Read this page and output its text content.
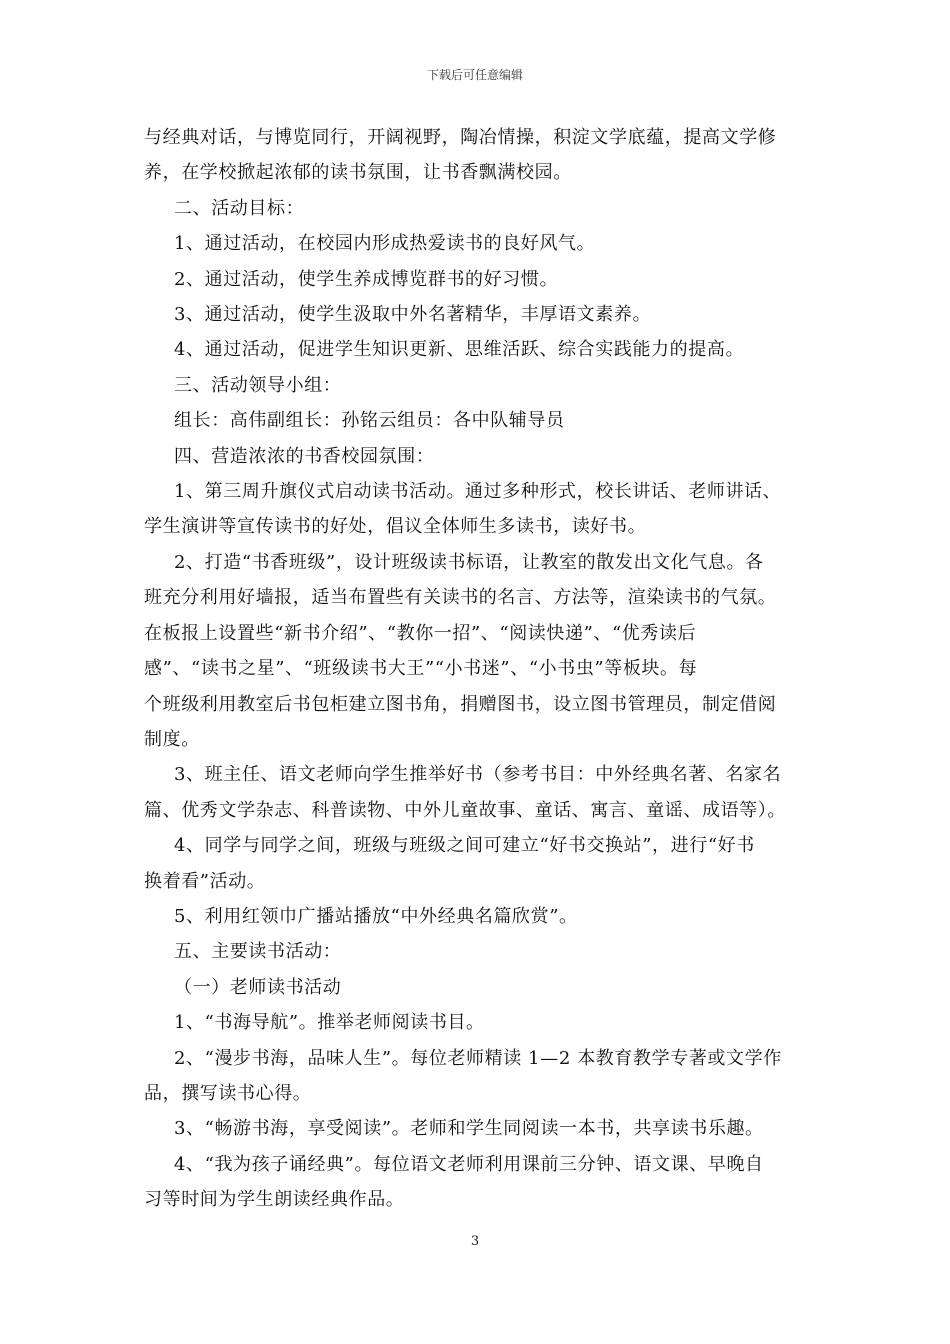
下载后可任意编辑

与经典对话，与博览同行，开阔视野，陶冶情操，积淀文学底蕴，提高文学修

养，在学校掀起浓郁的读书氛围，让书香飘满校园。

二、活动目标：

1、通过活动，在校园内形成热爱读书的良好风气。

2、通过活动，使学生养成博览群书的好习惯。

3、通过活动，使学生汲取中外名著精华，丰厚语文素养。

4、通过活动，促进学生知识更新、思维活跃、综合实践能力的提高。

三、活动领导小组：

组长：高伟副组长：孙铭云组员：各中队辅导员

四、营造浓浓的书香校园氛围：

1、第三周升旗仪式启动读书活动。通过多种形式，校长讲话、老师讲话、

学生演讲等宣传读书的好处，倡议全体师生多读书，读好书。

2、打造“书香班级”，设计班级读书标语，让教室的散发出文化气息。各

班充分利用好墙报，适当布置些有关读书的名言、方法等，渲染读书的气氛。

在板报上设置些“新书介绍”、“教你一招”、“阅读快递”、“优秀读后

感”、“读书之星”、“班级读书大王”“小书迷”、“小书虫”等板块。每

个班级利用教室后书包柜建立图书角，捐赠图书，设立图书管理员，制定借阅

制度。

3、班主任、语文老师向学生推举好书（参考书目：中外经典名著、名家名

篇、优秀文学杂志、科普读物、中外儿童故事、童话、寓言、童谣、成语等）。

4、同学与同学之间，班级与班级之间可建立“好书交换站”，进行“好书

换着看”活动。

5、利用红领巾广播站播放“中外经典名篇欣赏”。

五、主要读书活动：

（一）老师读书活动

1、“书海导航”。推举老师阅读书目。

2、“漫步书海，品味人生”。每位老师精读 1—2 本教育教学专著或文学作

品，撰写读书心得。

3、“畅游书海，享受阅读”。老师和学生同阅读一本书，共享读书乐趣。

4、“我为孩子诵经典”。每位语文老师利用课前三分钟、语文课、早晚自

习等时间为学生朗读经典作品。

3
